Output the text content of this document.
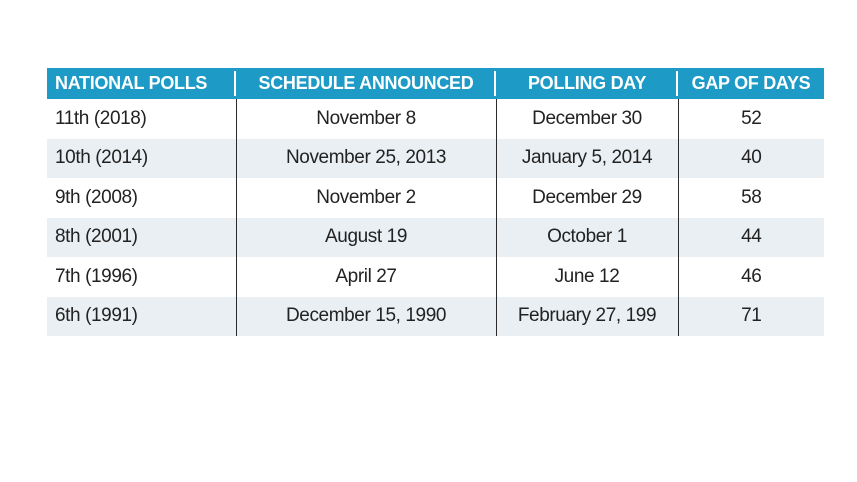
NATIONAL POLLS	SCHEDULE ANNOUNCED	POLLING DAY	GAP OF DAYS
11th (2018)	November 8	December 30	52
10th (2014)	November 25, 2013	January 5, 2014	40
9th (2008)	November 2	December 29	58
8th (2001)	August 19	October 1	44
7th (1996)	April 27	June 12	46
6th (1991)	December 15, 1990	February 27, 199	71
